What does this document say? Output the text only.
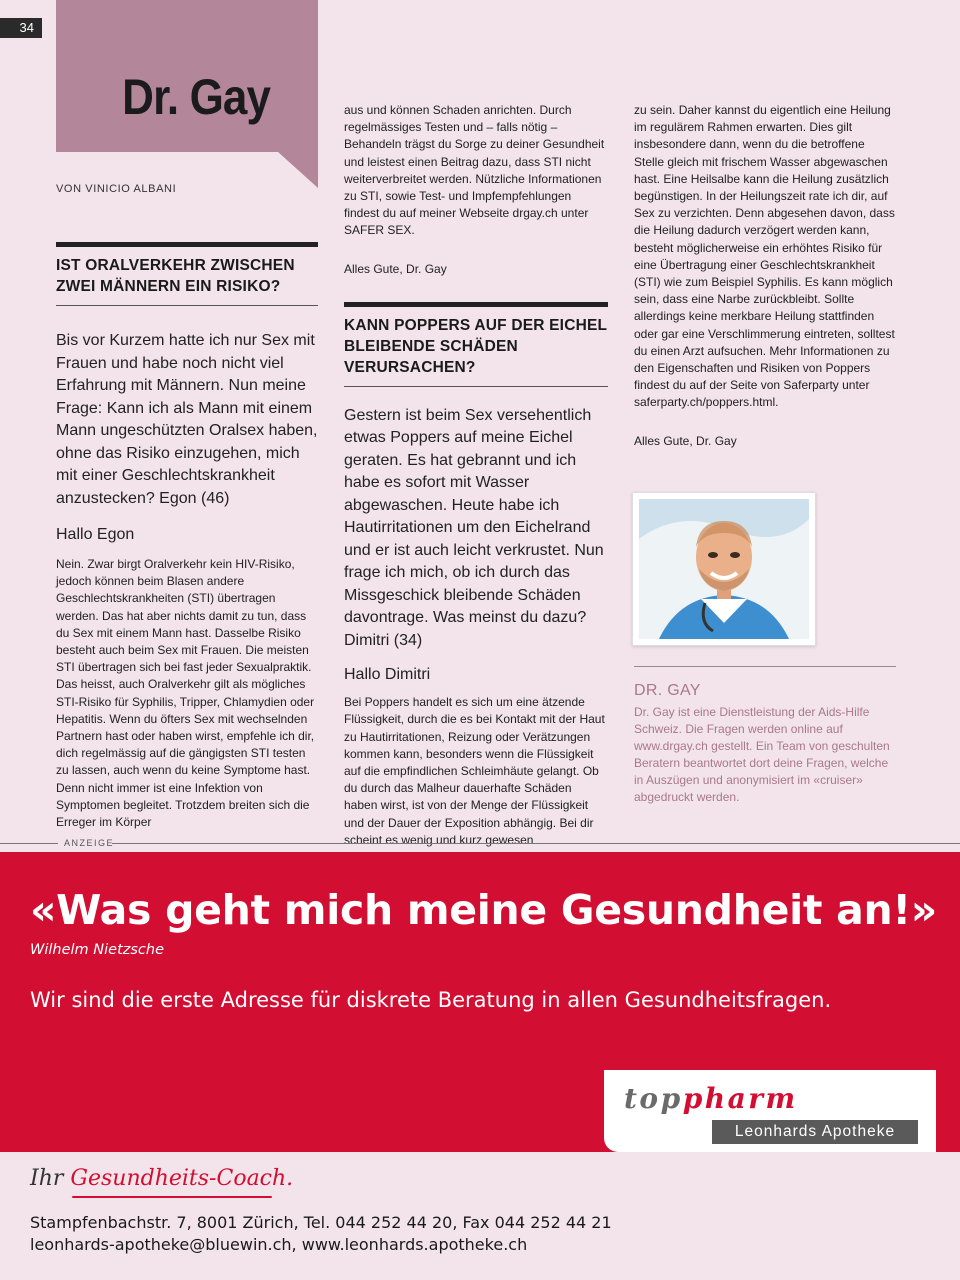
34
Dr. Gay
VON VINICIO ALBANI
IST ORALVERKEHR ZWISCHEN ZWEI MÄNNERN EIN RISIKO?

Bis vor Kurzem hatte ich nur Sex mit Frauen und habe noch nicht viel Erfahrung mit Männern. Nun meine Frage: Kann ich als Mann mit einem Mann ungeschützten Oralsex haben, ohne das Risiko einzugehen, mich mit einer Geschlechtskrankheit anzustecken? Egon (46)

Hallo Egon

Nein. Zwar birgt Oralverkehr kein HIV-Risiko, jedoch können beim Blasen andere Geschlechtskrankheiten (STI) übertragen werden. Das hat aber nichts damit zu tun, dass du Sex mit einem Mann hast. Dasselbe Risiko besteht auch beim Sex mit Frauen. Die meisten STI übertragen sich bei fast jeder Sexualpraktik. Das heisst, auch Oralverkehr gilt als mögliches STI-Risiko für Syphilis, Tripper, Chlamydien oder Hepatitis. Wenn du öfters Sex mit wechselnden Partnern hast oder haben wirst, empfehle ich dir, dich regelmässig auf die gängigsten STI testen zu lassen, auch wenn du keine Symptome hast. Denn nicht immer ist eine Infektion von Symptomen begleitet. Trotzdem breiten sich die Erreger im Körper

aus und können Schaden anrichten. Durch regelmässiges Testen und – falls nötig – Behandeln trägst du Sorge zu deiner Gesundheit und leistest einen Beitrag dazu, dass STI nicht weiterverbreitet werden. Nützliche Informationen zu STI, sowie Test- und Impfempfehlungen findest du auf meiner Webseite drgay.ch unter SAFER SEX.

Alles Gute, Dr. Gay

KANN POPPERS AUF DER EICHEL BLEIBENDE SCHÄDEN VERURSACHEN?

Gestern ist beim Sex versehentlich etwas Poppers auf meine Eichel geraten. Es hat gebrannt und ich habe es sofort mit Wasser abgewaschen. Heute habe ich Hautirritationen um den Eichelrand und er ist auch leicht verkrustet. Nun frage ich mich, ob ich durch das Missgeschick bleibende Schäden davontrage. Was meinst du dazu? Dimitri (34)

Hallo Dimitri

Bei Poppers handelt es sich um eine ätzende Flüssigkeit, durch die es bei Kontakt mit der Haut zu Hautirritationen, Reizung oder Verätzungen kommen kann, besonders wenn die Flüssigkeit auf die empfindlichen Schleimhäute gelangt. Ob du durch das Malheur dauerhafte Schäden haben wirst, ist von der Menge der Flüssigkeit und der Dauer der Exposition abhängig. Bei dir scheint es wenig und kurz gewesen

zu sein. Daher kannst du eigentlich eine Heilung im regulärem Rahmen erwarten. Dies gilt insbesondere dann, wenn du die betroffene Stelle gleich mit frischem Wasser abgewaschen hast. Eine Heilsalbe kann die Heilung zusätzlich begünstigen. In der Heilungszeit rate ich dir, auf Sex zu verzichten. Denn abgesehen davon, dass die Heilung dadurch verzögert werden kann, besteht möglicherweise ein erhöhtes Risiko für eine Übertragung einer Geschlechtskrankheit (STI) wie zum Beispiel Syphilis. Es kann möglich sein, dass eine Narbe zurückbleibt. Sollte allerdings keine merkbare Heilung stattfinden oder gar eine Verschlimmerung eintreten, solltest du einen Arzt aufsuchen. Mehr Informationen zu den Eigenschaften und Risiken von Poppers findest du auf der Seite von Saferparty unter saferparty.ch/poppers.html.

Alles Gute, Dr. Gay

DR. GAY

Dr. Gay ist eine Dienstleistung der Aids-Hilfe Schweiz. Die Fragen werden online auf www.drgay.ch gestellt. Ein Team von geschulten Beratern beantwortet dort deine Fragen, welche in Auszügen und anonymisiert im «cruiser» abgedruckt werden.

ANZEIGE
«Was geht mich meine Gesundheit an!»
Wilhelm Nietzsche
Wir sind die erste Adresse für diskrete Beratung in allen Gesundheitsfragen.
toppharm
Leonhards Apotheke
Ihr Gesundheits-Coach.
Stampfenbachstr. 7, 8001 Zürich, Tel. 044 252 44 20, Fax 044 252 44 21
leonhards-apotheke@bluewin.ch, www.leonhards.apotheke.ch
